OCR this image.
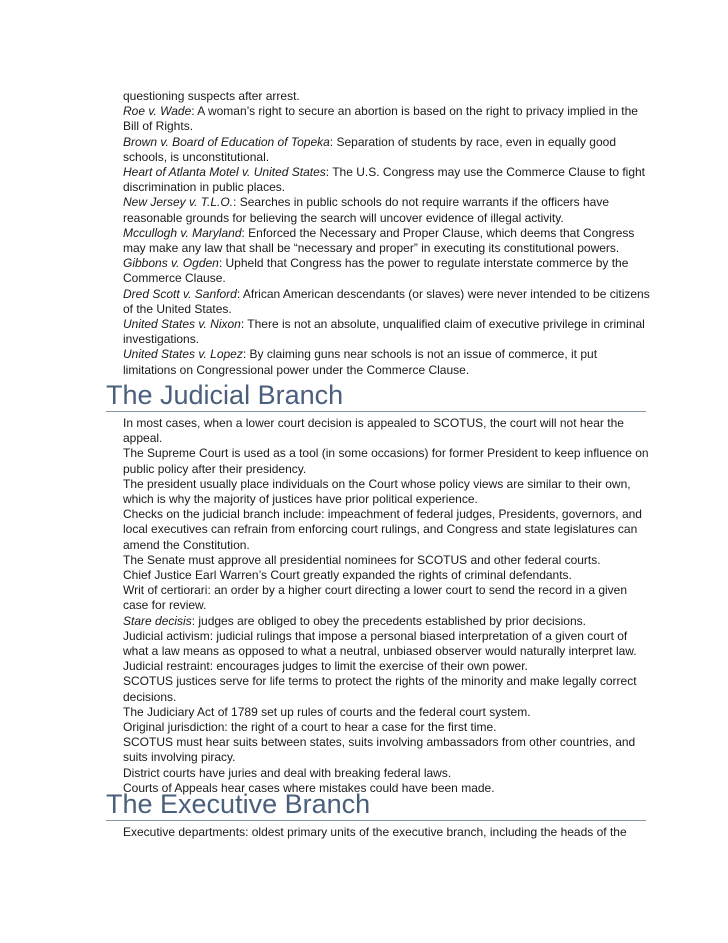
questioning suspects after arrest.

Roe v. Wade: A woman’s right to secure an abortion is based on the right to privacy implied in the Bill of Rights.

Brown v. Board of Education of Topeka: Separation of students by race, even in equally good schools, is unconstitutional.

Heart of Atlanta Motel v. United States: The U.S. Congress may use the Commerce Clause to fight discrimination in public places.

New Jersey v. T.L.O.: Searches in public schools do not require warrants if the officers have reasonable grounds for believing the search will uncover evidence of illegal activity.

Mccullogh v. Maryland: Enforced the Necessary and Proper Clause, which deems that Congress may make any law that shall be “necessary and proper” in executing its constitutional powers.

Gibbons v. Ogden: Upheld that Congress has the power to regulate interstate commerce by the Commerce Clause.

Dred Scott v. Sanford: African American descendants (or slaves) were never intended to be citizens of the United States.

United States v. Nixon: There is not an absolute, unqualified claim of executive privilege in criminal investigations.

United States v. Lopez: By claiming guns near schools is not an issue of commerce, it put limitations on Congressional power under the Commerce Clause.

The Judicial Branch

In most cases, when a lower court decision is appealed to SCOTUS, the court will not hear the appeal.

The Supreme Court is used as a tool (in some occasions) for former President to keep influence on public policy after their presidency.

The president usually place individuals on the Court whose policy views are similar to their own, which is why the majority of justices have prior political experience.

Checks on the judicial branch include: impeachment of federal judges, Presidents, governors, and local executives can refrain from enforcing court rulings, and Congress and state legislatures can amend the Constitution.

The Senate must approve all presidential nominees for SCOTUS and other federal courts.

Chief Justice Earl Warren’s Court greatly expanded the rights of criminal defendants.

Writ of certiorari: an order by a higher court directing a lower court to send the record in a given case for review.

Stare decisis: judges are obliged to obey the precedents established by prior decisions.

Judicial activism: judicial rulings that impose a personal biased interpretation of a given court of what a law means as opposed to what a neutral, unbiased observer would naturally interpret law.

Judicial restraint: encourages judges to limit the exercise of their own power.

SCOTUS justices serve for life terms to protect the rights of the minority and make legally correct decisions.

The Judiciary Act of 1789 set up rules of courts and the federal court system.

Original jurisdiction: the right of a court to hear a case for the first time.

SCOTUS must hear suits between states, suits involving ambassadors from other countries, and suits involving piracy.

District courts have juries and deal with breaking federal laws.

Courts of Appeals hear cases where mistakes could have been made.

The Executive Branch

Executive departments: oldest primary units of the executive branch, including the heads of the
